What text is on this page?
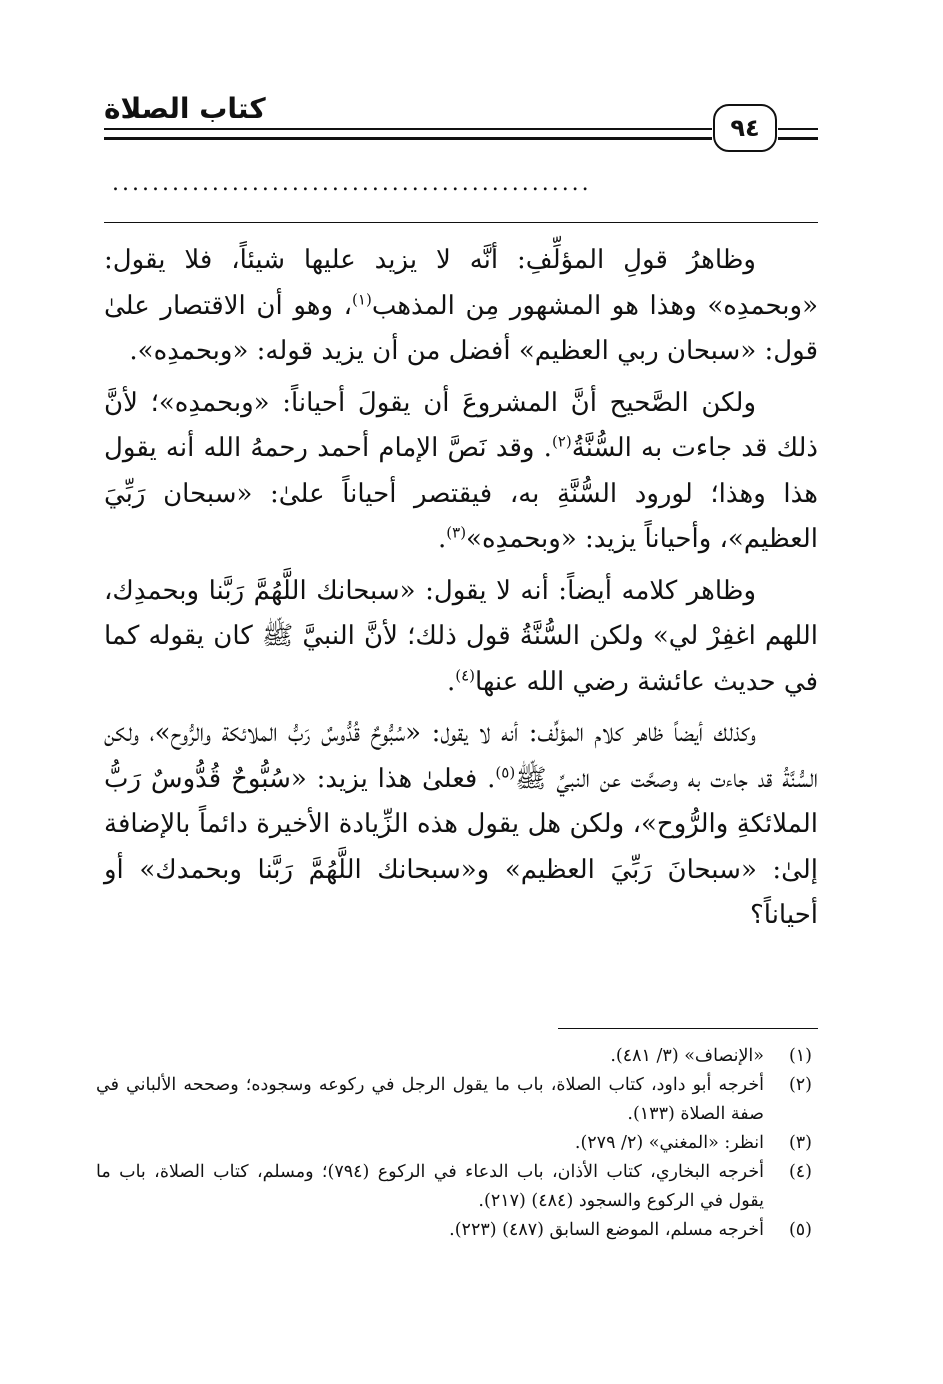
كتاب الصلاة
٩٤
................................................

وظاهرُ قولِ المؤلِّفِ: أنَّه لا يزيد عليها شيئاً، فلا يقول: «وبحمدِه» وهذا هو المشهور مِن المذهب$^{(١)}$، وهو أن الاقتصار علىٰ قول: «سبحان ربي العظيم» أفضل من أن يزيد قوله: «وبحمدِه».

ولكن الصَّحيح أنَّ المشروعَ أن يقولَ أحياناً: «وبحمدِه»؛ لأنَّ ذلك قد جاءت به السُّنَّةُ$^{(٢)}$. وقد نَصَّ الإمام أحمد رحمهُ الله أنه يقول هذا وهذا؛ لورود السُّنَّةِ به، فيقتصر أحياناً علىٰ: «سبحان رَبِّيَ العظيم»، وأحياناً يزيد: «وبحمدِه»$^{(٣)}$.

وظاهر كلامه أيضاً: أنه لا يقول: «سبحانك اللَّهُمَّ رَبَّنا وبحمدِك، اللهم اغفِرْ لي» ولكن السُّنَّةُ قول ذلك؛ لأنَّ النبيَّ ﷺ كان يقوله كما في حديث عائشة رضي الله عنها$^{(٤)}$.

وكذلك أيضاً ظاهر كلام المؤلِّف: أنه لا يقول: «سُبُّوحٌ قُدُّوسٌ رَبُّ الملائكة والرُّوح»، ولكن السُّنَّةُ قد جاءت به وصحَّت عن النبيِّ ﷺ$^{(٥)}$. فعلىٰ هذا يزيد: «سُبُّوحٌ قُدُّوسٌ رَبُّ الملائكةِ والرُّوح»، ولكن هل يقول هذه الزِّيادة الأخيرة دائماً بالإضافة إلىٰ: «سبحانَ رَبِّيَ العظيم» و«سبحانك اللَّهُمَّ رَبَّنا وبحمدك» أو أحياناً؟

(١)
«الإنصاف» (٣/ ٤٨١).
(٢)
أخرجه أبو داود، كتاب الصلاة، باب ما يقول الرجل في ركوعه وسجوده؛ وصححه الألباني في صفة الصلاة (١٣٣).
(٣)
انظر: «المغني» (٢/ ٢٧٩).
(٤)
أخرجه البخاري، كتاب الأذان، باب الدعاء في الركوع (٧٩٤)؛ ومسلم، كتاب الصلاة، باب ما يقول في الركوع والسجود (٤٨٤) (٢١٧).
(٥)
أخرجه مسلم، الموضع السابق (٤٨٧) (٢٢٣).
